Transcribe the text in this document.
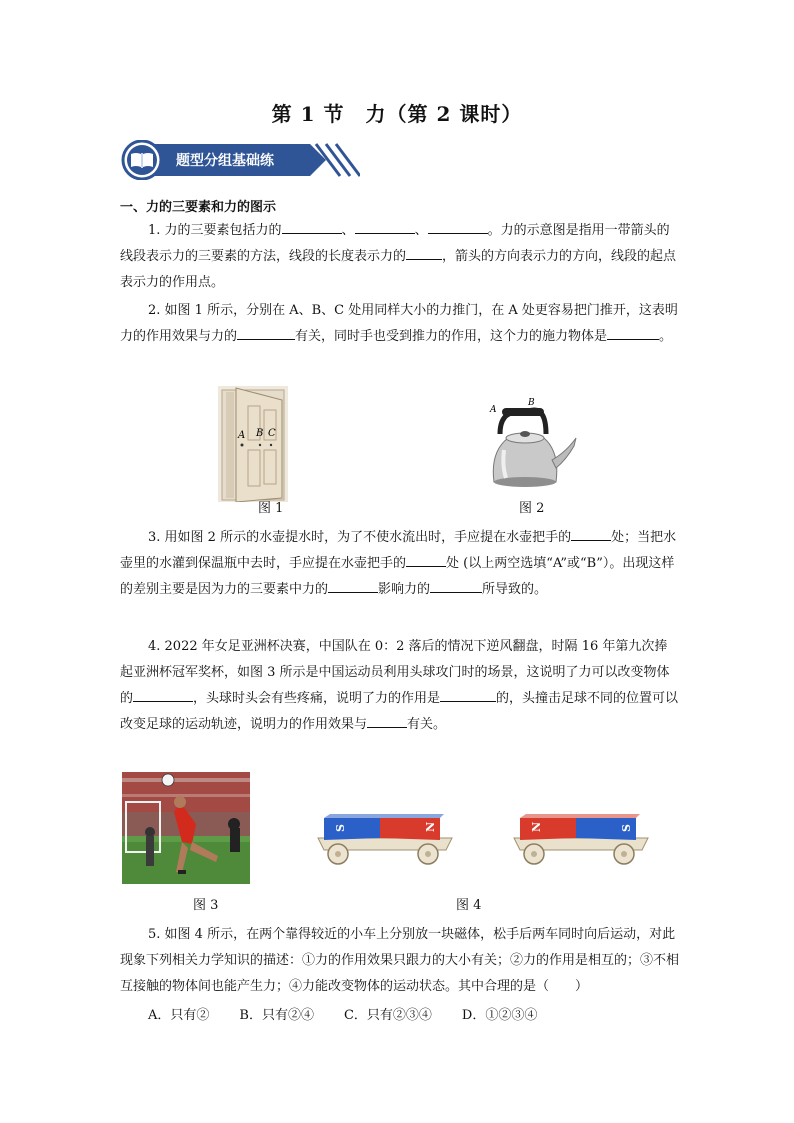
第 1 节　力（第 2 课时）
题型分组基础练
一、力的三要素和力的图示

1. 力的三要素包括力的	、	、	。力的示意图是指用一带箭头的线段表示力的三要素的方法，线段的长度表示力的	，箭头的方向表示力的方向，线段的起点表示力的作用点。

2. 如图 1 所示，分别在 A、B、C 处用同样大小的力推门，在 A 处更容易把门推开，这表明力的作用效果与力的	有关，同时手也受到推力的作用，这个力的施力物体是	。

A B C
图 1
A
B
图 2

3. 用如图 2 所示的水壶提水时，为了不使水流出时，手应提在水壶把手的	处；当把水壶里的水灌到保温瓶中去时，手应提在水壶把手的	处 (以上两空选填“A”或“B”）。出现这样的差别主要是因为力的三要素中力的	影响力的	所导致的。

4. 2022 年女足亚洲杯决赛，中国队在 0：2 落后的情况下逆风翻盘，时隔 16 年第九次捧起亚洲杯冠军奖杯，如图 3 所示是中国运动员利用头球攻门时的场景，这说明了力可以改变物体的	，头球时头会有些疼痛，说明了力的作用是	的，头撞击足球不同的位置可以改变足球的运动轨迹，说明力的作用效果与	有关。

图 3
S	N	N	S
图 4

5. 如图 4 所示，在两个靠得较近的小车上分别放一块磁体，松手后两车同时向后运动，对此现象下列相关力学知识的描述：①力的作用效果只跟力的大小有关；②力的作用是相互的；③不相互接触的物体间也能产生力；④力能改变物体的运动状态。其中合理的是（　　）

A．只有② B．只有②④ C．只有②③④ D．①②③④
